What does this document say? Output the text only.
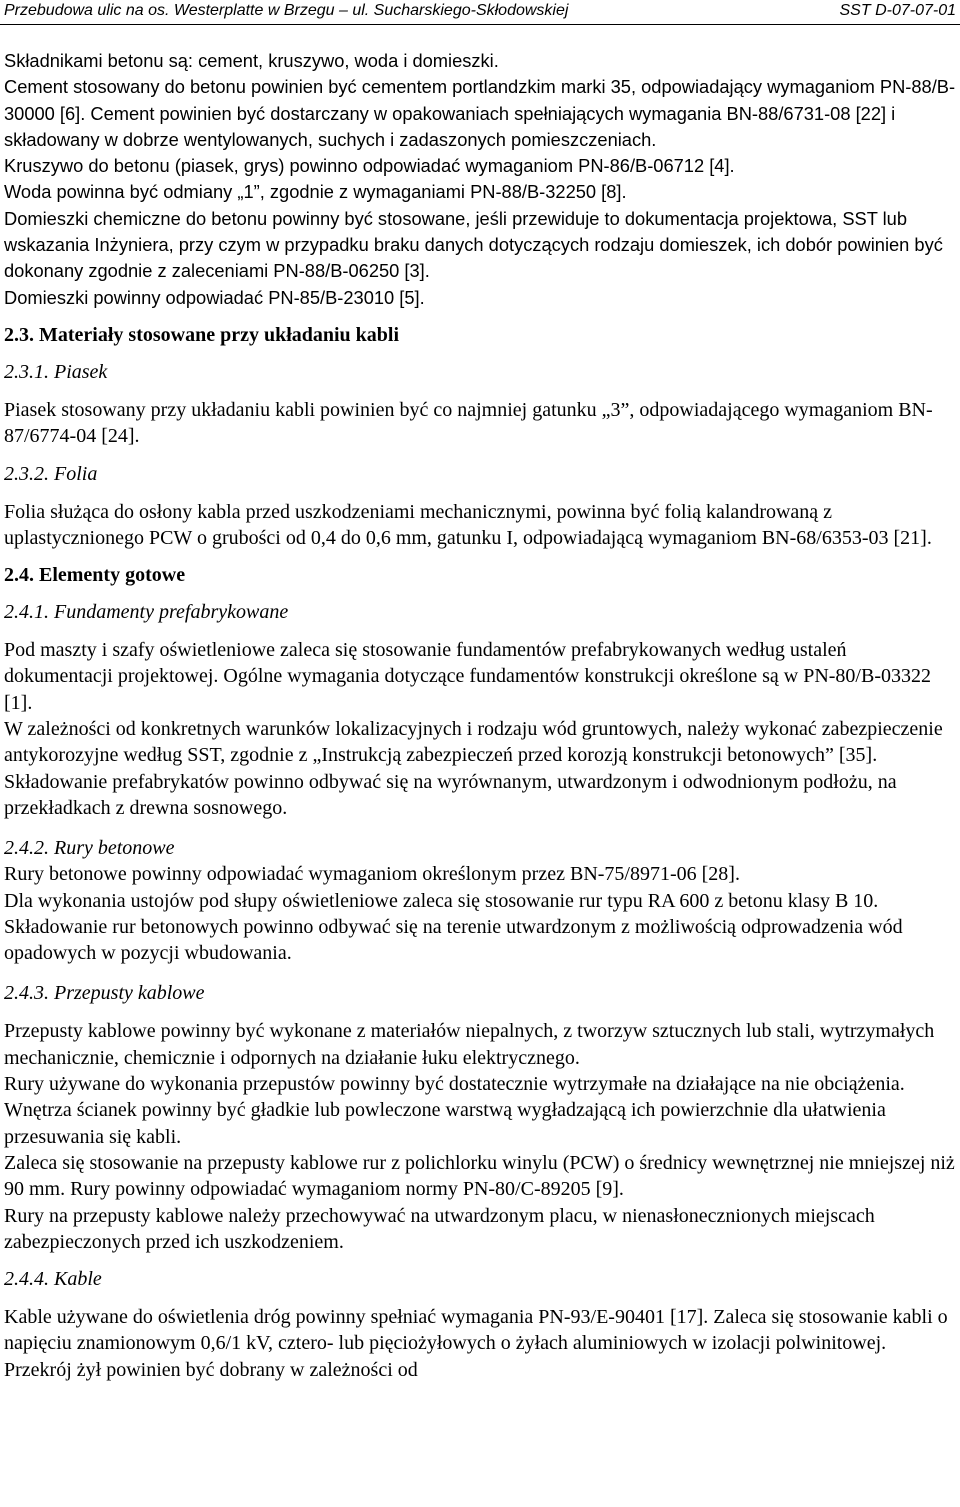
Przebudowa ulic na os. Westerplatte w Brzegu – ul. Sucharskiego-Skłodowskiej	SST D-07-07-01

Składnikami betonu są: cement, kruszywo, woda i domieszki.

Cement stosowany do betonu powinien być cementem portlandzkim marki 35, odpowiadający wymaganiom PN-88/B-30000 [6]. Cement powinien być dostarczany w opakowaniach spełniających wymagania BN-88/6731-08 [22] i składowany w dobrze wentylowanych, suchych i zadaszonych pomieszczeniach.

Kruszywo do betonu (piasek, grys) powinno odpowiadać wymaganiom PN-86/B-06712 [4].

Woda powinna być odmiany „1”, zgodnie z wymaganiami PN-88/B-32250 [8].

Domieszki chemiczne do betonu powinny być stosowane, jeśli przewiduje to dokumentacja projektowa, SST lub wskazania Inżyniera, przy czym w przypadku braku danych dotyczących rodzaju domieszek, ich dobór powinien być dokonany zgodnie z zaleceniami PN-88/B-06250 [3].

Domieszki powinny odpowiadać PN-85/B-23010 [5].

2.3. Materiały stosowane przy układaniu kabli

2.3.1. Piasek

Piasek stosowany przy układaniu kabli powinien być co najmniej gatunku „3”, odpowiadającego wymaganiom BN-87/6774-04 [24].

2.3.2. Folia

Folia służąca do osłony kabla przed uszkodzeniami mechanicznymi, powinna być folią kalandrowaną z uplastycznionego PCW o grubości od 0,4 do 0,6 mm, gatunku I, odpowiadającą wymaganiom BN-68/6353-03 [21].

2.4. Elementy gotowe

2.4.1. Fundamenty prefabrykowane

Pod maszty i szafy oświetleniowe zaleca się stosowanie fundamentów prefabrykowanych według ustaleń dokumentacji projektowej. Ogólne wymagania dotyczące fundamentów konstrukcji określone są w PN-80/B-03322 [1].

W zależności od konkretnych warunków lokalizacyjnych i rodzaju wód gruntowych, należy wykonać zabezpieczenie antykorozyjne według SST, zgodnie z „Instrukcją zabezpieczeń przed korozją konstrukcji betonowych” [35].

Składowanie prefabrykatów powinno odbywać się na wyrównanym, utwardzonym i odwodnionym podłożu, na przekładkach z drewna sosnowego.

2.4.2. Rury betonowe

Rury betonowe powinny odpowiadać wymaganiom określonym przez BN-75/8971-06 [28].

Dla wykonania ustojów pod słupy oświetleniowe zaleca się stosowanie rur typu RA 600 z betonu klasy B 10. Składowanie rur betonowych powinno odbywać się na terenie utwardzonym z możliwością odprowadzenia wód opadowych w pozycji wbudowania.

2.4.3. Przepusty kablowe

Przepusty kablowe powinny być wykonane z materiałów niepalnych, z tworzyw sztucznych lub stali, wytrzymałych mechanicznie, chemicznie i odpornych na działanie łuku elektrycznego.

Rury używane do wykonania przepustów powinny być dostatecznie wytrzymałe na działające na nie obciążenia. Wnętrza ścianek powinny być gładkie lub powleczone warstwą wygładzającą ich powierzchnie dla ułatwienia przesuwania się kabli.

Zaleca się stosowanie na przepusty kablowe rur z polichlorku winylu (PCW) o średnicy wewnętrznej nie mniejszej niż 90 mm. Rury powinny odpowiadać wymaganiom normy PN-80/C-89205 [9].

Rury na przepusty kablowe należy przechowywać na utwardzonym placu, w nienasłonecznionych miejscach zabezpieczonych przed ich uszkodzeniem.

2.4.4. Kable

Kable używane do oświetlenia dróg powinny spełniać wymagania PN-93/E-90401 [17]. Zaleca się stosowanie kabli o napięciu znamionowym 0,6/1 kV, cztero- lub pięciożyłowych o żyłach aluminiowych w izolacji polwinitowej. Przekrój żył powinien być dobrany w zależności od
